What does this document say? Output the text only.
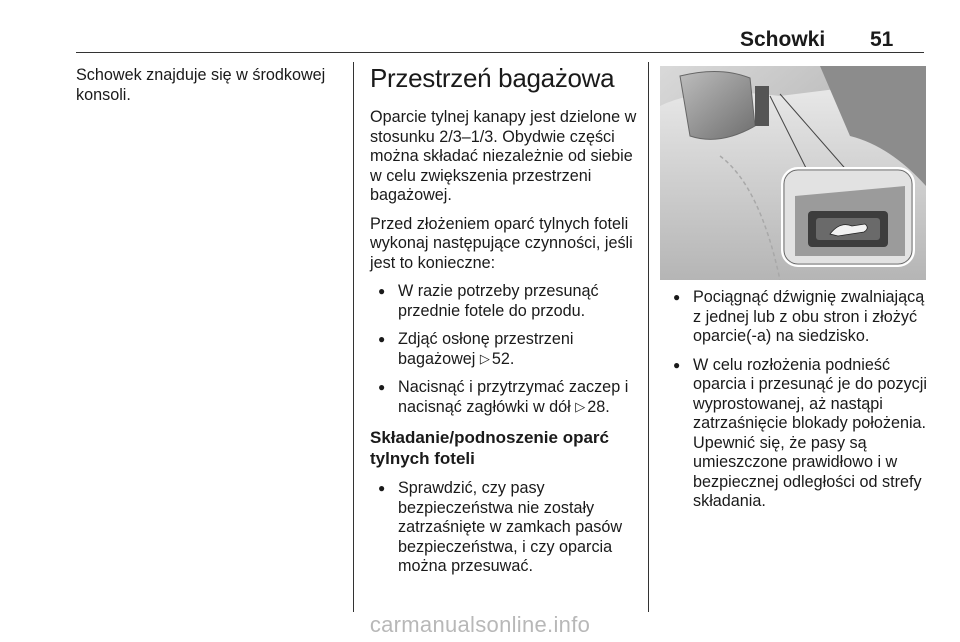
Schowki 51

Schowek znajduje się w środkowej konsoli.

Przestrzeń bagażowa

Oparcie tylnej kanapy jest dzielone w stosunku 2/3–1/3. Obydwie części można składać niezależnie od siebie w celu zwiększenia przestrzeni bagażowej.

Przed złożeniem oparć tylnych foteli wykonaj następujące czynności, jeśli jest to konieczne:

● W razie potrzeby przesunąć przednie fotele do przodu.
● Zdjąć osłonę przestrzeni bagażowej ▷ 52.
● Nacisnąć i przytrzymać zaczep i nacisnąć zagłówki w dół ▷ 28.
Składanie/podnoszenie oparć tylnych foteli
● Sprawdzić, czy pasy bezpieczeństwa nie zostały zatrzaśnięte w zamkach pasów bezpieczeństwa, i czy oparcia można przesuwać.
● Pociągnąć dźwignię zwalniającą z jednej lub z obu stron i złożyć oparcie(-a) na siedzisko.
● W celu rozłożenia podnieść oparcia i przesunąć je do pozycji wyprostowanej, aż nastąpi zatrzaśnięcie blokady położenia. Upewnić się, że pasy są umieszczone prawidłowo i w bezpiecznej odległości od strefy składania.
carmanualsonline.info
